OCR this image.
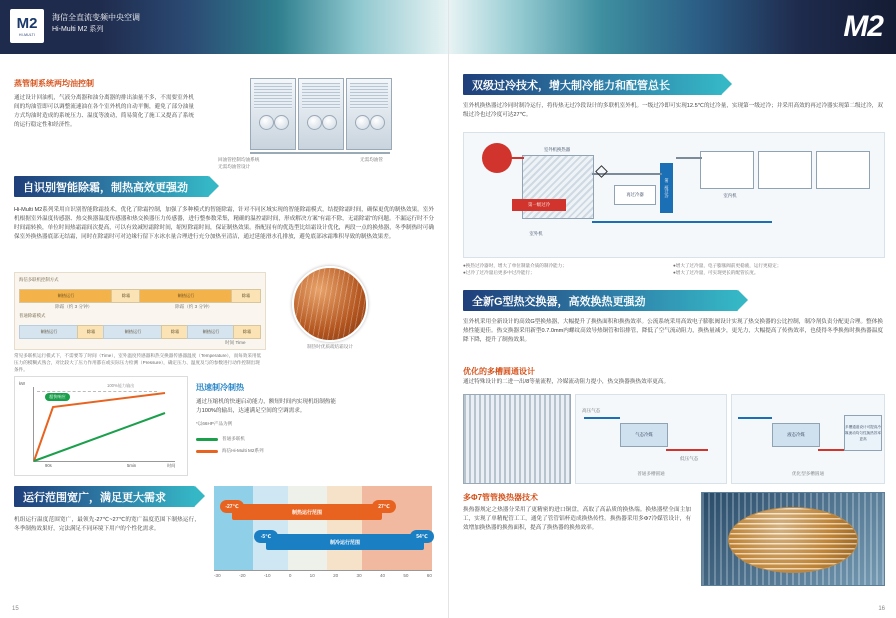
M2
HI-MULTI
海信全直流变频中央空调
Hi-Multi M2 系列
蒸管制系统两均油控制
通过设计回油机，气液分离器和油分离器的排出油量不多，不需要室外机间的均油管即可以调整流速油在各个室外机的自动平衡，避免了部分油量方式均油时造成的系统压力、温度等波动，简易简化了施工又提高了系统的运行稳定性和经济性。
回油管控制均油系统
无需均油管设计
无需均油管
自识别智能除霜，制热高效更强劲
Hi-Multi M2系列采用自识别智能除霜技术，优化了除霜控制，加强了多种模式的智能除霜，针对不同区域实现的智能除霜模式，结提除霜时间，确保更优的制热效果。室外机根据室外温度传感器、热交换器温度传感器和热交换器压力传感器，进行整参数采集，精确的温控霜时间，形成解决方案“有霜不除，无霜除霜”的问题。不漏运行时不分时间霜转换，单位时间热霜霜间次提高，可以有效减短霜除时间，缩短除霜时间，保证制热效果。指配屈有的优选型比结霜设计优化，两段一点的换热器，冬季制热时可确保室外换热器底部无结霜，同时在除霜时可对边缘行留下水冰水量合理进行充分加热至清洁，通过延能滑水孔排放，避免底部冰霜堆积导致的制热效果差。
海信多联机控制方式
制热运行	除霜	制热运行	除霜
除霜（约 3 分钟）	除霜（约 3 分钟）
普通除霜模式
制热运行	除霜	制热运行	除霜	制热运行	除霜
时间 Time
常见多联机运行模式下，不需要等了时间（Time），室外温度传感器和热交换器传感器温度（Temperature），而每效采用低压力的模糊式熟合，对比较大了压力作用都在或实际压力检测（Pressure），确定压力、温度及与的参数进行动作控制出现条件。
制热时优质疏结霜设计
kW	100%能力输出
超快响应
90s	5min	时间
迅速制冷制热
通过压缩机的快速启动能力，额短时间内实现机组制热能力100%的输出，达速满足空间的空调需求。
*以66HP产品为例
普通多联机
海信Hi-Multi M2系列
运行范围宽广，满足更大需求
机组运行温度范围宽广，最领先-27℃~27℃的宽广温度范围下制热运行，冬季制热效果好，完法满足不同环境下用户的个性化需求。
制热运行范围
制冷运行范围
-27℃	27℃
-5℃	54℃
-30	-20	-10	0	10	20	30	40	50	60
15
M2
双级过冷技术，增大制冷能力和配管总长
室外机换热器过冷同时制冷运行，将传热无过冷段设计的多联机室外机。一级过冷即可实现12.5℃的过冷量，实现第一级过冷；并采用高效的再过冷器实现第二级过冷，双级过冷也过冷度可达27℃。
室外机换热器
第一级过冷
再过冷器	第二级过冷	室内机
室外机
●换热过冷器时，增大了单位制量介质的制冷能力；	●增大了过冷量，电子膨胀阀前更稳液，运行更稳定；
●过冷了过冷量后更多中过冷能行；	●增大了过冷量，可实现更长的配管长度。
全新G型热交换器，高效换热更强劲
室外机采用全新设计的高效G型换热器，大幅提升了换热面积和换热效率。公流系统采用高效电子膨胀阀设计实现了热交换器的公比控制，制冷剂负责分配更合理。整体换热性能更佳。热交换器采用新型0.7.0mm内螺纹高效导热铜管和铝排管，降低了空气流动阻力，换热量减少，更光力，大幅提高了传热效率，也使得冬季换热时换热器温度降下降，提升了制热效果。
优化的多槽圆通设计
通过特殊设计的二进一出/8等量流程，冷媒流动阻力提小，热交换器换热效率更高。
气态冷媒
高压气态
低压气态
普通多槽圆通
液态冷媒
多槽通道设计可提高冷媒流动均匀性换热效率更高
优化型多槽圆通
多Φ7管管换热器技术
换热器规定之热器分采用了更精密的进口铜盘，高取了高品质的换热端。换热器壁全面主加工，实现了单精配管工工，通免了管管铝杯造成换热传性。换热器采用多Φ7冷媒管设计，有效增加换热器的换热面积，提高了换热器的换热效率。
16
